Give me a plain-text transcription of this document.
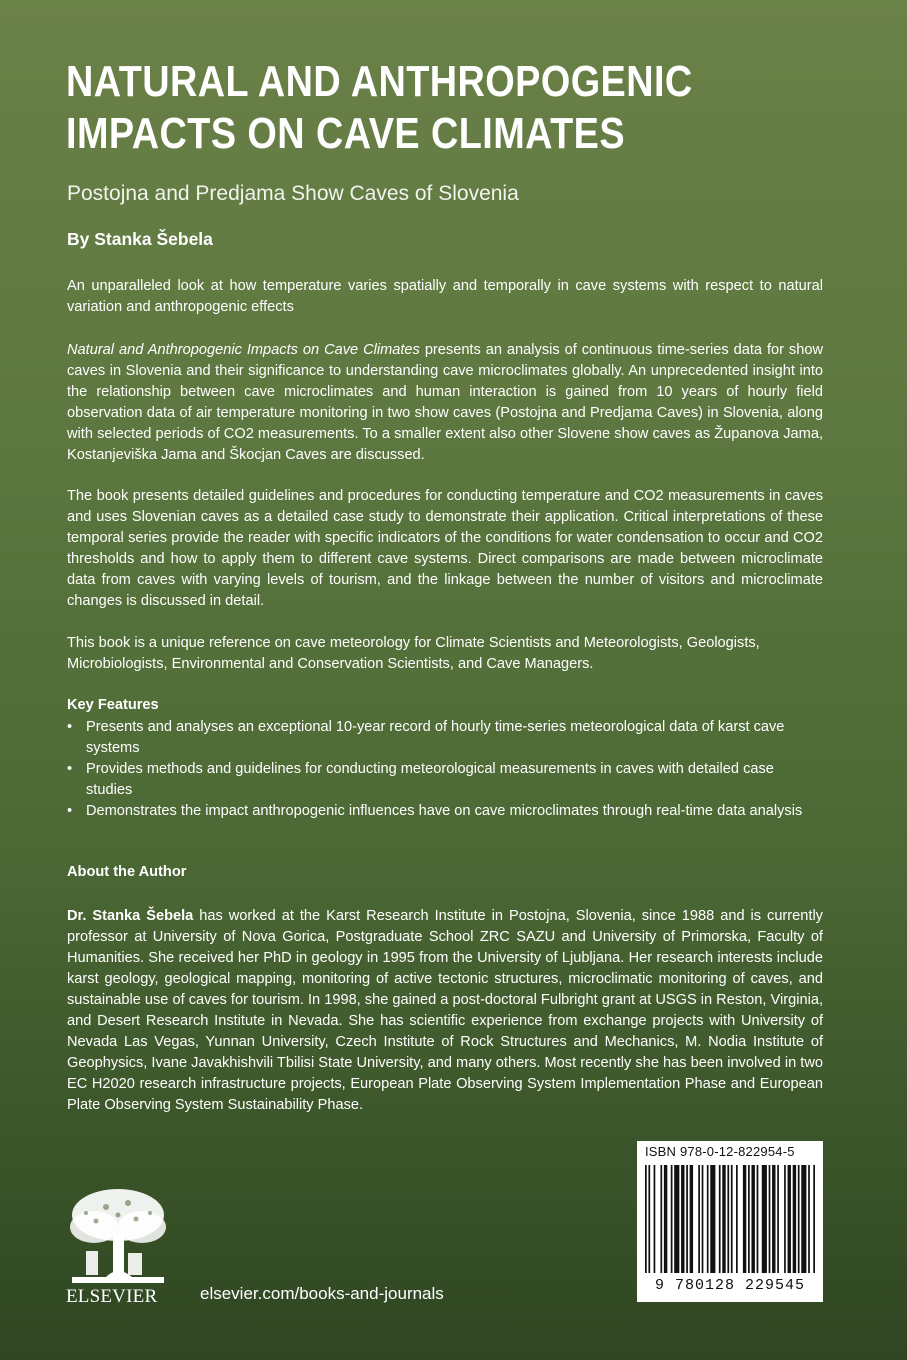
NATURAL AND ANTHROPOGENIC
IMPACTS ON CAVE CLIMATES

Postojna and Predjama Show Caves of Slovenia

By Stanka Šebela

An unparalleled look at how temperature varies spatially and temporally in cave systems with respect to natural variation and anthropogenic effects

Natural and Anthropogenic Impacts on Cave Climates presents an analysis of continuous time-series data for show caves in Slovenia and their significance to understanding cave microclimates globally. An unprecedented insight into the relationship between cave microclimates and human interaction is gained from 10 years of hourly field observation data of air temperature monitoring in two show caves (Postojna and Predjama Caves) in Slovenia, along with selected periods of CO2 measurements. To a smaller extent also other Slovene show caves as Županova Jama, Kostanjeviška Jama and Škocjan Caves are discussed.

The book presents detailed guidelines and procedures for conducting temperature and CO2 measurements in caves and uses Slovenian caves as a detailed case study to demonstrate their application. Critical interpretations of these temporal series provide the reader with specific indicators of the conditions for water condensation to occur and CO2 thresholds and how to apply them to different cave systems. Direct comparisons are made between microclimate data from caves with varying levels of tourism, and the linkage between the number of visitors and microclimate changes is discussed in detail.

This book is a unique reference on cave meteorology for Climate Scientists and Meteorologists, Geologists, Microbiologists, Environmental and Conservation Scientists, and Cave Managers.

Key Features

• Presents and analyses an exceptional 10-year record of hourly time-series meteorological data of karst cave systems
• Provides methods and guidelines for conducting meteorological measurements in caves with detailed case studies
• Demonstrates the impact anthropogenic influences have on cave microclimates through real-time data analysis

About the Author

Dr. Stanka Šebela has worked at the Karst Research Institute in Postojna, Slovenia, since 1988 and is currently professor at University of Nova Gorica, Postgraduate School ZRC SAZU and University of Primorska, Faculty of Humanities. She received her PhD in geology in 1995 from the University of Ljubljana. Her research interests include karst geology, geological mapping, monitoring of active tectonic structures, microclimatic monitoring of caves, and sustainable use of caves for tourism. In 1998, she gained a post-doctoral Fulbright grant at USGS in Reston, Virginia, and Desert Research Institute in Nevada. She has scientific experience from exchange projects with University of Nevada Las Vegas, Yunnan University, Czech Institute of Rock Structures and Mechanics, M. Nodia Institute of Geophysics, Ivane Javakhishvili Tbilisi State University, and many others. Most recently she has been involved in two EC H2020 research infrastructure projects, European Plate Observing System Implementation Phase and European Plate Observing System Sustainability Phase.

ELSEVIER	elsevier.com/books-and-journals

ISBN 978-0-12-822954-5

9 780128 229545
